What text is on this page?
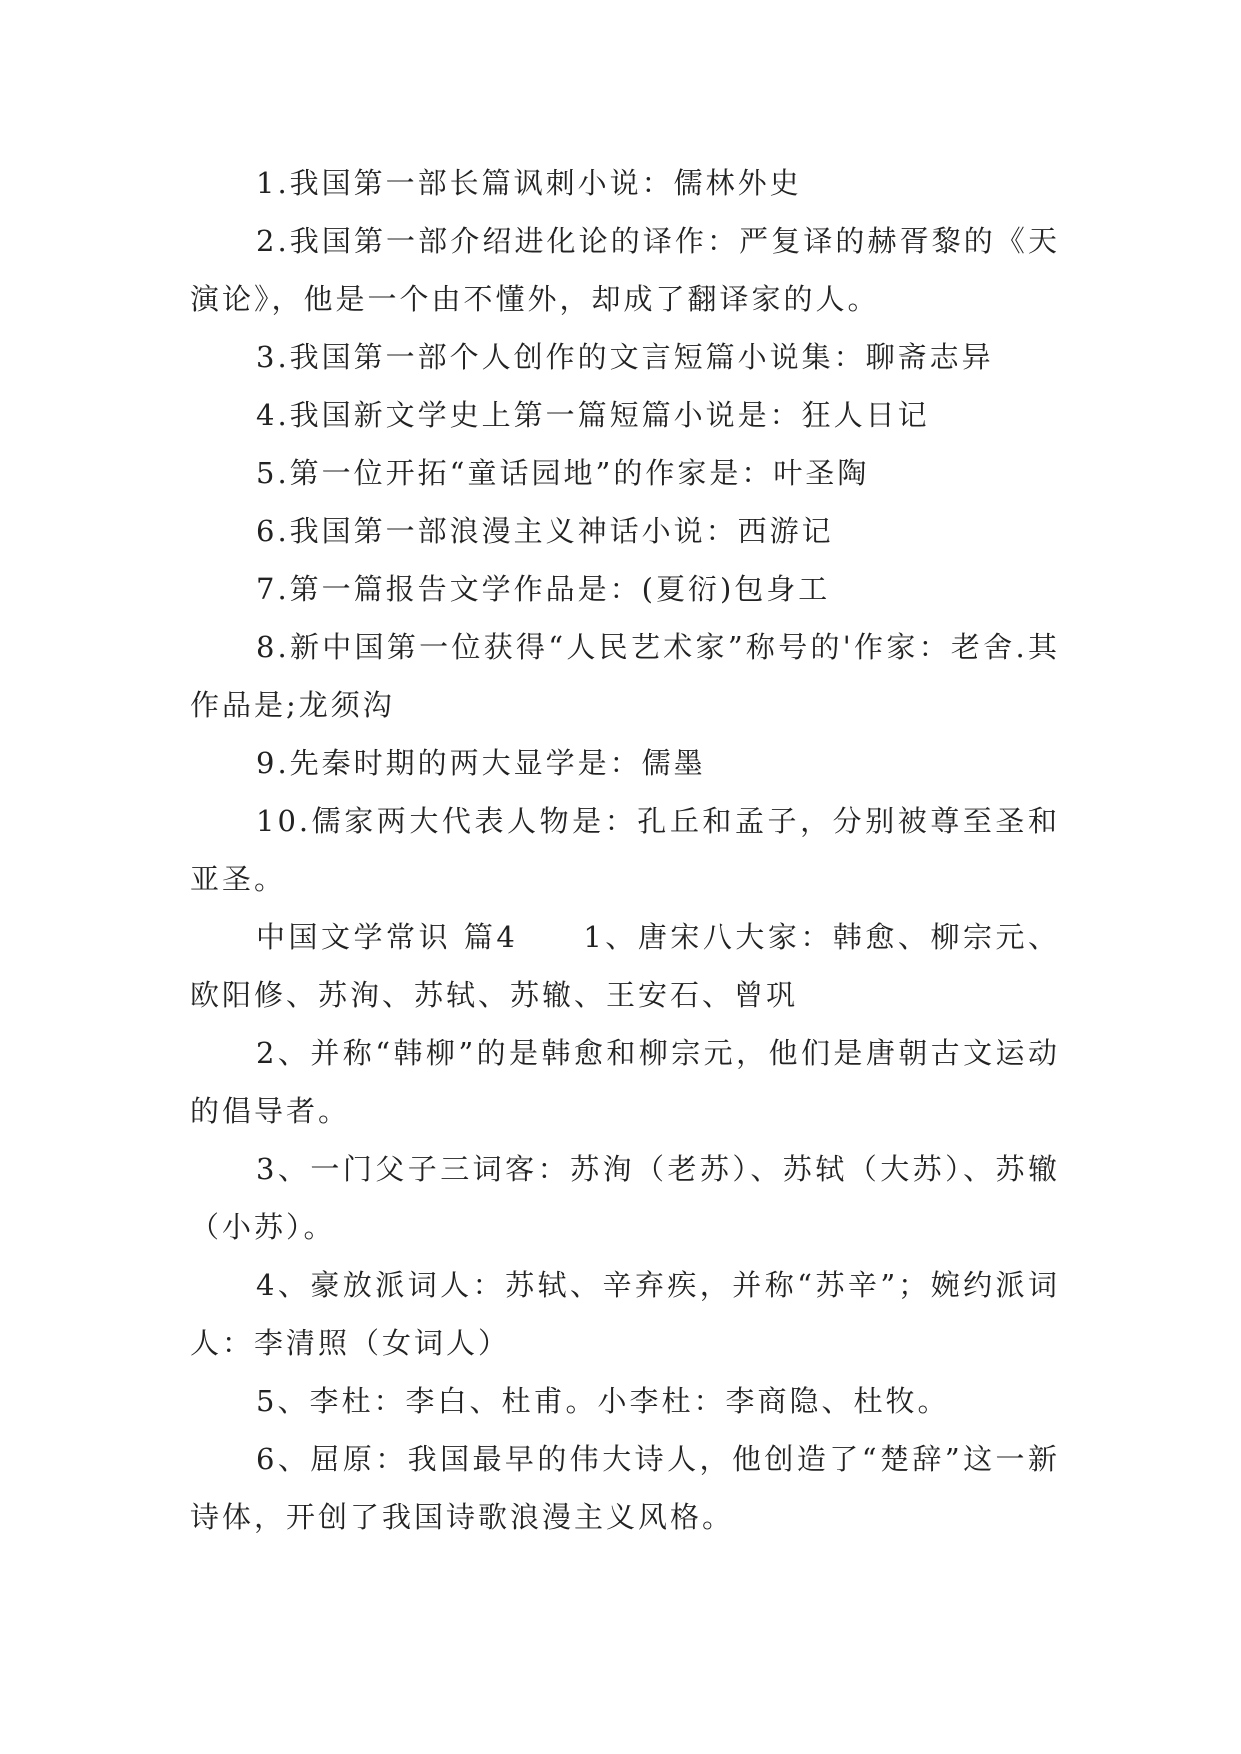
1.我国第一部长篇讽刺小说：儒林外史

2.我国第一部介绍进化论的译作：严复译的赫胥黎的《天演论》，他是一个由不懂外，却成了翻译家的人。

3.我国第一部个人创作的文言短篇小说集：聊斋志异

4.我国新文学史上第一篇短篇小说是：狂人日记

5.第一位开拓“童话园地”的作家是：叶圣陶

6.我国第一部浪漫主义神话小说：西游记

7.第一篇报告文学作品是：(夏衍)包身工

8.新中国第一位获得“人民艺术家”称号的'作家：老舍.其作品是;龙须沟

9.先秦时期的两大显学是：儒墨

10.儒家两大代表人物是：孔丘和孟子，分别被尊至圣和亚圣。

中国文学常识 篇4　　1、唐宋八大家：韩愈、柳宗元、欧阳修、苏洵、苏轼、苏辙、王安石、曾巩

2、并称“韩柳”的是韩愈和柳宗元，他们是唐朝古文运动的倡导者。

3、一门父子三词客：苏洵（老苏）、苏轼（大苏）、苏辙（小苏）。

4、豪放派词人：苏轼、辛弃疾，并称“苏辛”；婉约派词人：李清照（女词人）

5、李杜：李白、杜甫。小李杜：李商隐、杜牧。

6、屈原：我国最早的伟大诗人，他创造了“楚辞”这一新诗体，开创了我国诗歌浪漫主义风格。
